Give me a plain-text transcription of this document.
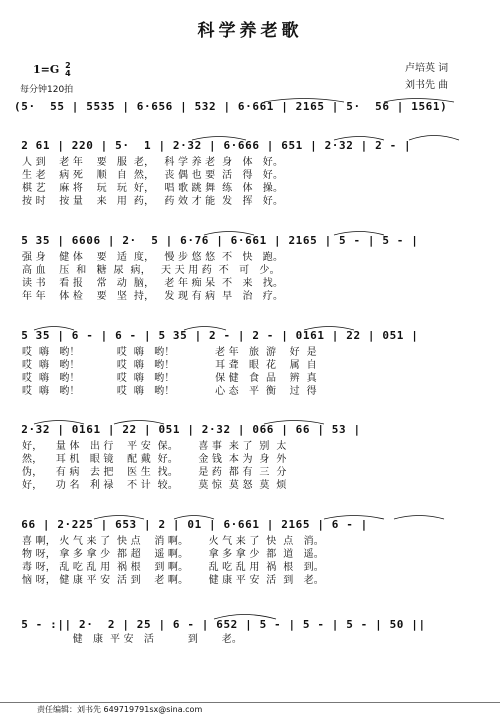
科学养老歌
卢培英 词
刘书先 曲
1=G 2
4
每分钟120拍
(5·  55 | 5535 | 6·656 | 532 | 6·661 | 2165 | 5·  56 | 1561)
2 61 | 220 | 5·  1 | 2·32 | 6·666 | 651 | 2·32 | 2 - |
人 到    老 年    要   服  老，   科 学 养 老  身   体   好。
生 老    病 死    顺   自  然，   丧 偶 也 要  活   得   好。
棋 艺    麻 将    玩   玩  好，   唱 歌 跳 舞  练   体   操。
按 时    按 量    来   用  药，   药 效 才 能  发   挥   好。
5 35 | 6606 | 2·  5 | 6·76 | 6·661 | 2165 | 5 - | 5 - |
强 身    健 体    要   适  度，   慢 步 悠 悠  不   快   跑。
高 血    压  和   糖  尿  病，   天 天 用 药  不   可   少。
读 书    看 报    常   动  脑，   老 年 痴 呆  不   来   找。
年 年    体 检    要   坚  持，   发 现 有 病  早   治   疗。
5 35 | 6 - | 6 - | 5 35 | 2 - | 2 - | 0161 | 22 | 051 |
哎  嗨   哟！           哎  嗨   哟！            老 年   旅  游    好  是
哎  嗨   哟！           哎  嗨   哟！            耳 聋   眼  花    属  自
哎  嗨   哟！           哎  嗨   哟！            保 健   食  品    辨  真
哎  嗨   哟！           哎  嗨   哟！            心 态   平  衡    过  得
2·32 | 0161 | 22 | 051 | 2·32 | 066 | 66 | 53 |
好，    量 体   出 行    平 安  保。      喜 事  来 了  别  太
然，    耳 机   眼 镜    配 戴  好。      金 钱  本 为  身  外
伪，    有 病   去 把    医 生  找。      是 药  都 有  三  分
好，    功 名   利 禄    不 计  较。      莫 惊  莫 怒  莫  烦
66 | 2·225 | 653 | 2 | 01 | 6·661 | 2165 | 6 - |
喜 啊， 火 气 来 了  快 点    消 啊。      火 气 来 了  快  点   消。
物 呀， 拿 多 拿 少  都 超    遥 啊。      拿 多 拿 少  都  道   遥。
毒 呀， 乱 吃 乱 用  祸 根    到 啊。      乱 吃 乱 用  祸  根   到。
恼 呀， 健 康 平 安  活 到    老 啊。      健 康 平 安  活  到   老。
5 - :|| 2·  2 | 25 | 6 - | 652 | 5 - | 5 - | 5 - | 50 ||
健   康  平 安   活          到       老。
责任编辑：刘书先 649719791sx@sina.com
